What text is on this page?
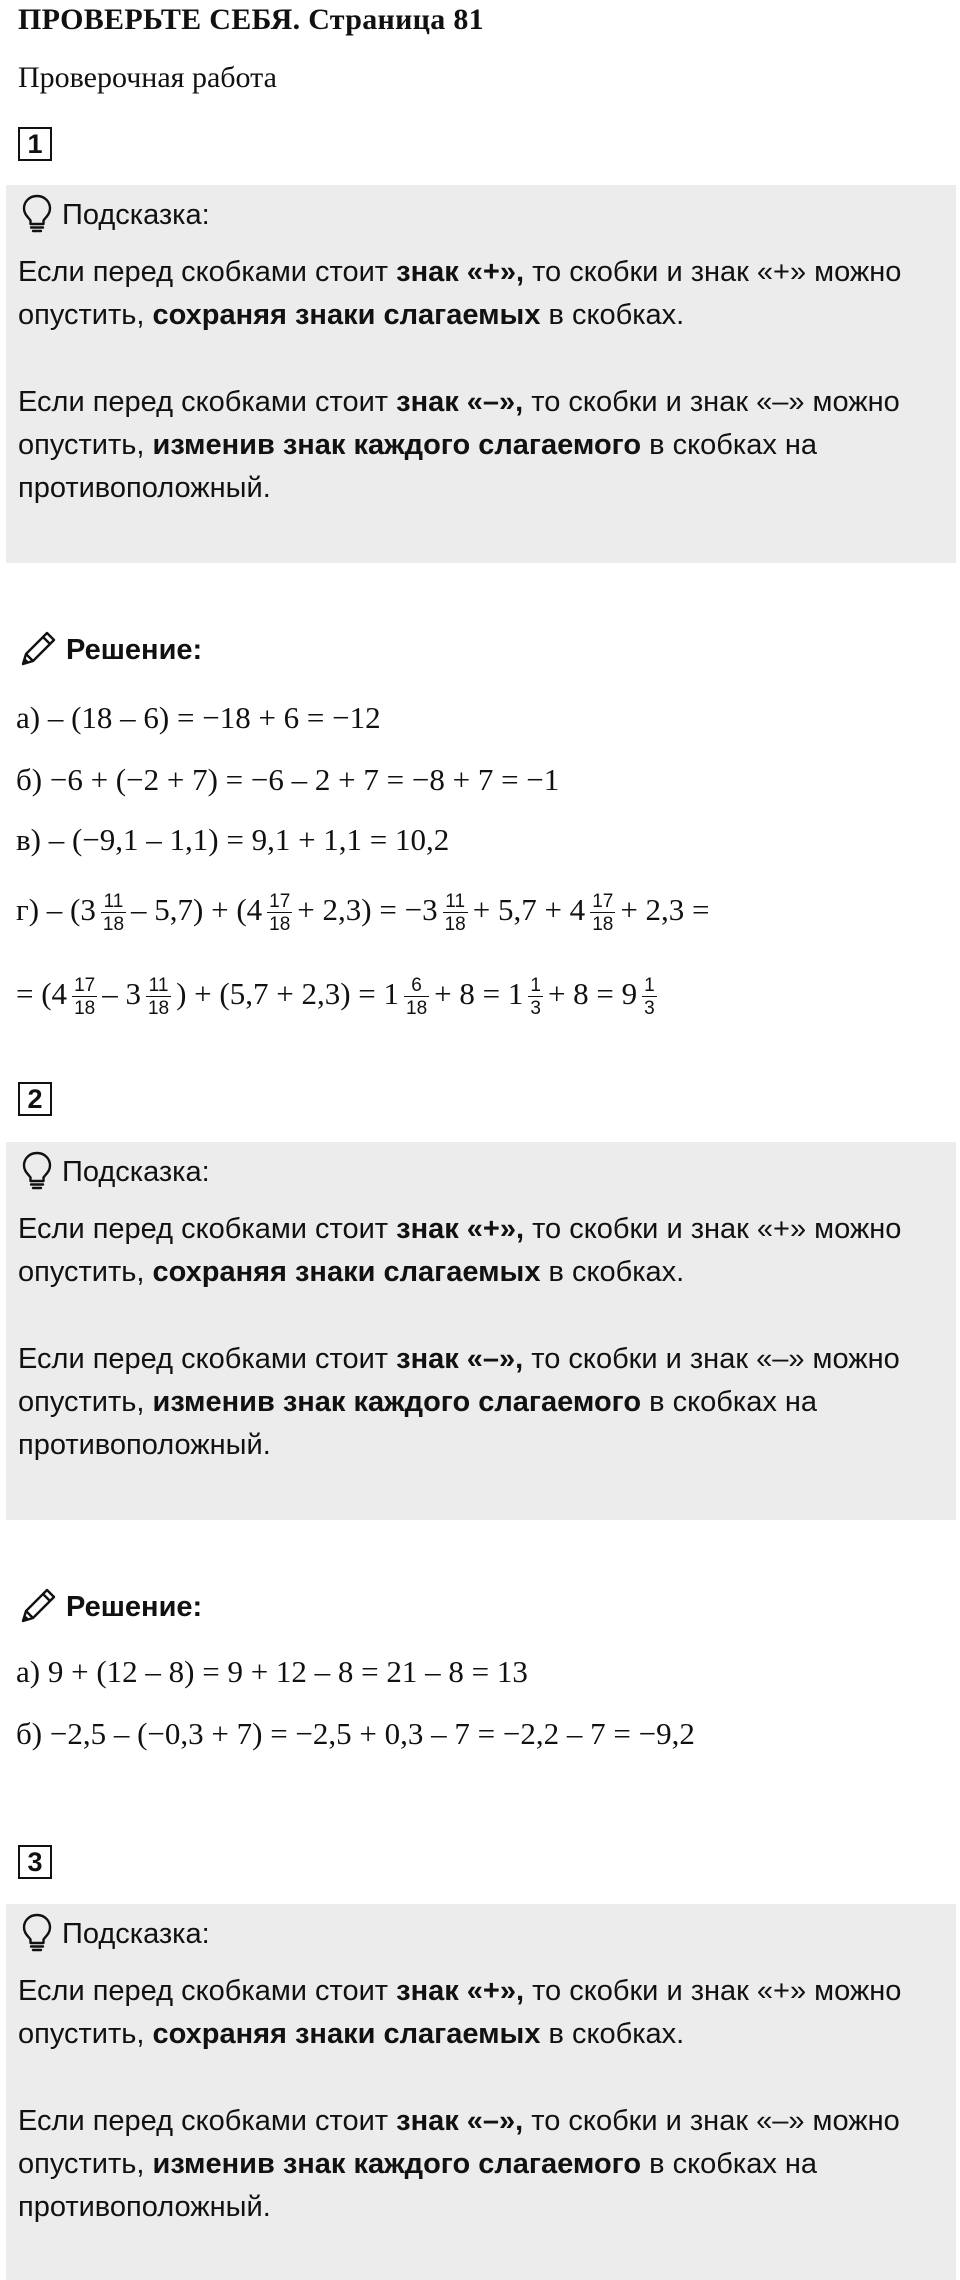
ПРОВЕРЬТЕ СЕБЯ. Страница 81
Проверочная работа
1
Подсказка:
Если перед скобками стоит знак «+», то скобки и знак «+» можно опустить, сохраняя знаки слагаемых в скобках.
Если перед скобками стоит знак «–», то скобки и знак «–» можно опустить, изменив знак каждого слагаемого в скобках на противоположный.
Решение:
а) – (18 – 6) = −18 + 6 = −12
б) −6 + (−2 + 7) = −6 – 2 + 7 = −8 + 7 = −1
в) – (−9,1 – 1,1) = 9,1 + 1,1 = 10,2
$г) - (3 \frac{11}{18} - 5,7) + (4 \frac{17}{18} + 2,3) = -3 \frac{11}{18} + 5,7 + 4 \frac{17}{18} + 2,3$ =
= ($4 \frac{17}{18} - 3 \frac{11}{18}$ ) + $(5,7 + 2,3) = 1 \frac{6}{18} + 8 = 1 \frac{1}{3} + 8 = 9 \frac{1}{3}$
2
Подсказка:
Если перед скобками стоит знак «+», то скобки и знак «+» можно опустить, сохраняя знаки слагаемых в скобках.
Если перед скобками стоит знак «–», то скобки и знак «–» можно опустить, изменив знак каждого слагаемого в скобках на противоположный.
Решение:
а) 9 + (12 – 8) = 9 + 12 – 8 = 21 – 8 = 13
б) −2,5 – (−0,3 + 7) = −2,5 + 0,3 – 7 = −2,2 – 7 = −9,2
3
Подсказка:
Если перед скобками стоит знак «+», то скобки и знак «+» можно опустить, сохраняя знаки слагаемых в скобках.
Если перед скобками стоит знак «–», то скобки и знак «–» можно опустить, изменив знак каждого слагаемого в скобках на противоположный.
